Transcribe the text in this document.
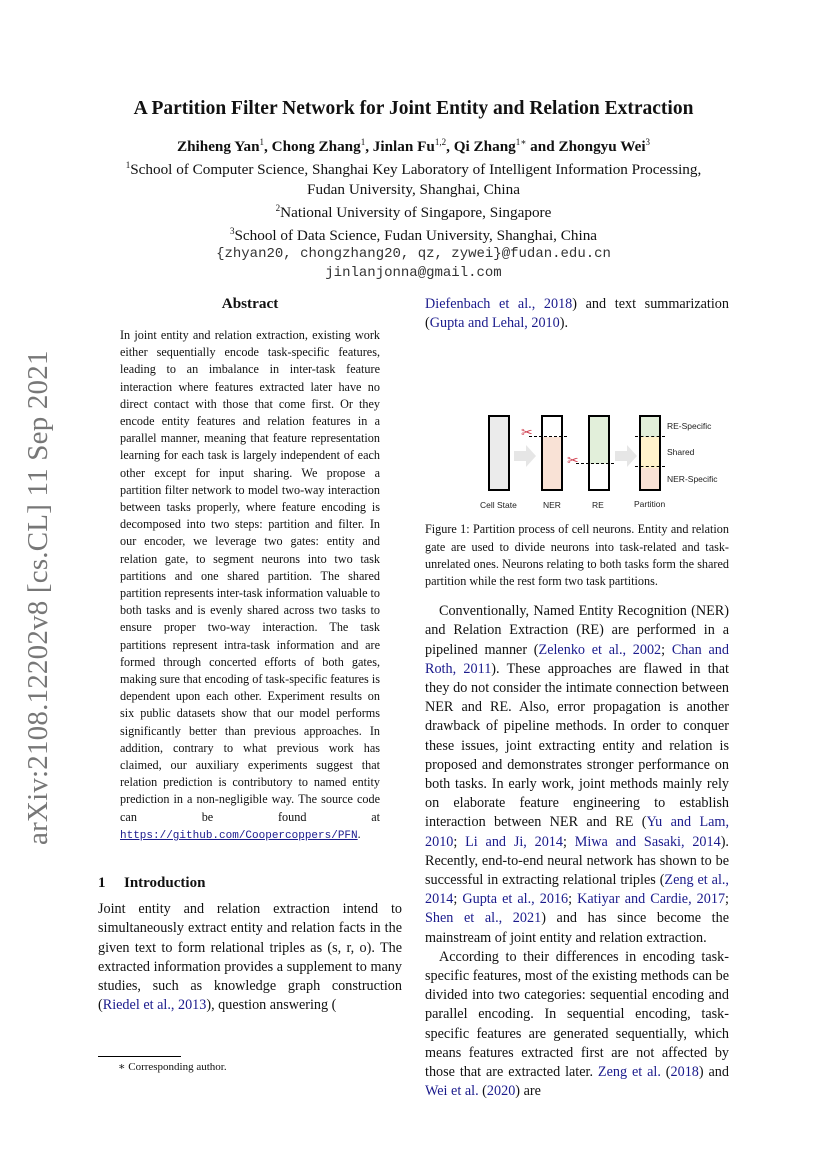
arXiv:2108.12202v8 [cs.CL] 11 Sep 2021
A Partition Filter Network for Joint Entity and Relation Extraction
Zhiheng Yan$^1$, Chong Zhang$^1$, Jinlan Fu$^{1,2}$, Qi Zhang$^{1∗}$ and Zhongyu Wei$^3$
$^1$School of Computer Science, Shanghai Key Laboratory of Intelligent Information Processing,
Fudan University, Shanghai, China
$^2$National University of Singapore, Singapore
$^3$School of Data Science, Fudan University, Shanghai, China
{zhyan20, chongzhang20, qz, zywei}@fudan.edu.cn
jinlanjonna@gmail.com
Abstract

In joint entity and relation extraction, existing work either sequentially encode task-specific features, leading to an imbalance in inter-task feature interaction where features extracted later have no direct contact with those that come first. Or they encode entity features and relation features in a parallel manner, meaning that feature representation learning for each task is largely independent of each other except for input sharing. We propose a partition filter network to model two-way interaction between tasks properly, where feature encoding is decomposed into two steps: partition and filter. In our encoder, we leverage two gates: entity and relation gate, to segment neurons into two task partitions and one shared partition. The shared partition represents inter-task information valuable to both tasks and is evenly shared across two tasks to ensure proper two-way interaction. The task partitions represent intra-task information and are formed through concerted efforts of both gates, making sure that encoding of task-specific features is dependent upon each other. Experiment results on six public datasets show that our model performs significantly better than previous approaches. In addition, contrary to what previous work has claimed, our auxiliary experiments suggest that relation prediction is contributory to named entity prediction in a non-negligible way. The source code can be found at https://github.com/Coopercoppers/PFN.

1 Introduction

Joint entity and relation extraction intend to simultaneously extract entity and relation facts in the given text to form relational triples as (s, r, o). The extracted information provides a supplement to many studies, such as knowledge graph construction (Riedel et al., 2013), question answering (

∗ Corresponding author.

Diefenbach et al., 2018) and text summarization (Gupta and Lehal, 2010).

✂
✂
RE-Specific
Shared
NER-Specific
Cell State	NER	RE	Partition
Figure 1: Partition process of cell neurons. Entity and relation gate are used to divide neurons into task-related and task-unrelated ones. Neurons relating to both tasks form the shared partition while the rest form two task partitions.

Conventionally, Named Entity Recognition (NER) and Relation Extraction (RE) are performed in a pipelined manner (Zelenko et al., 2002; Chan and Roth, 2011). These approaches are flawed in that they do not consider the intimate connection between NER and RE. Also, error propagation is another drawback of pipeline methods. In order to conquer these issues, joint extracting entity and relation is proposed and demonstrates stronger performance on both tasks. In early work, joint methods mainly rely on elaborate feature engineering to establish interaction between NER and RE (Yu and Lam, 2010; Li and Ji, 2014; Miwa and Sasaki, 2014). Recently, end-to-end neural network has shown to be successful in extracting relational triples (Zeng et al., 2014; Gupta et al., 2016; Katiyar and Cardie, 2017; Shen et al., 2021) and has since become the mainstream of joint entity and relation extraction.

According to their differences in encoding task-specific features, most of the existing methods can be divided into two categories: sequential encoding and parallel encoding. In sequential encoding, task-specific features are generated sequentially, which means features extracted first are not affected by those that are extracted later. Zeng et al. (2018) and Wei et al. (2020) are
